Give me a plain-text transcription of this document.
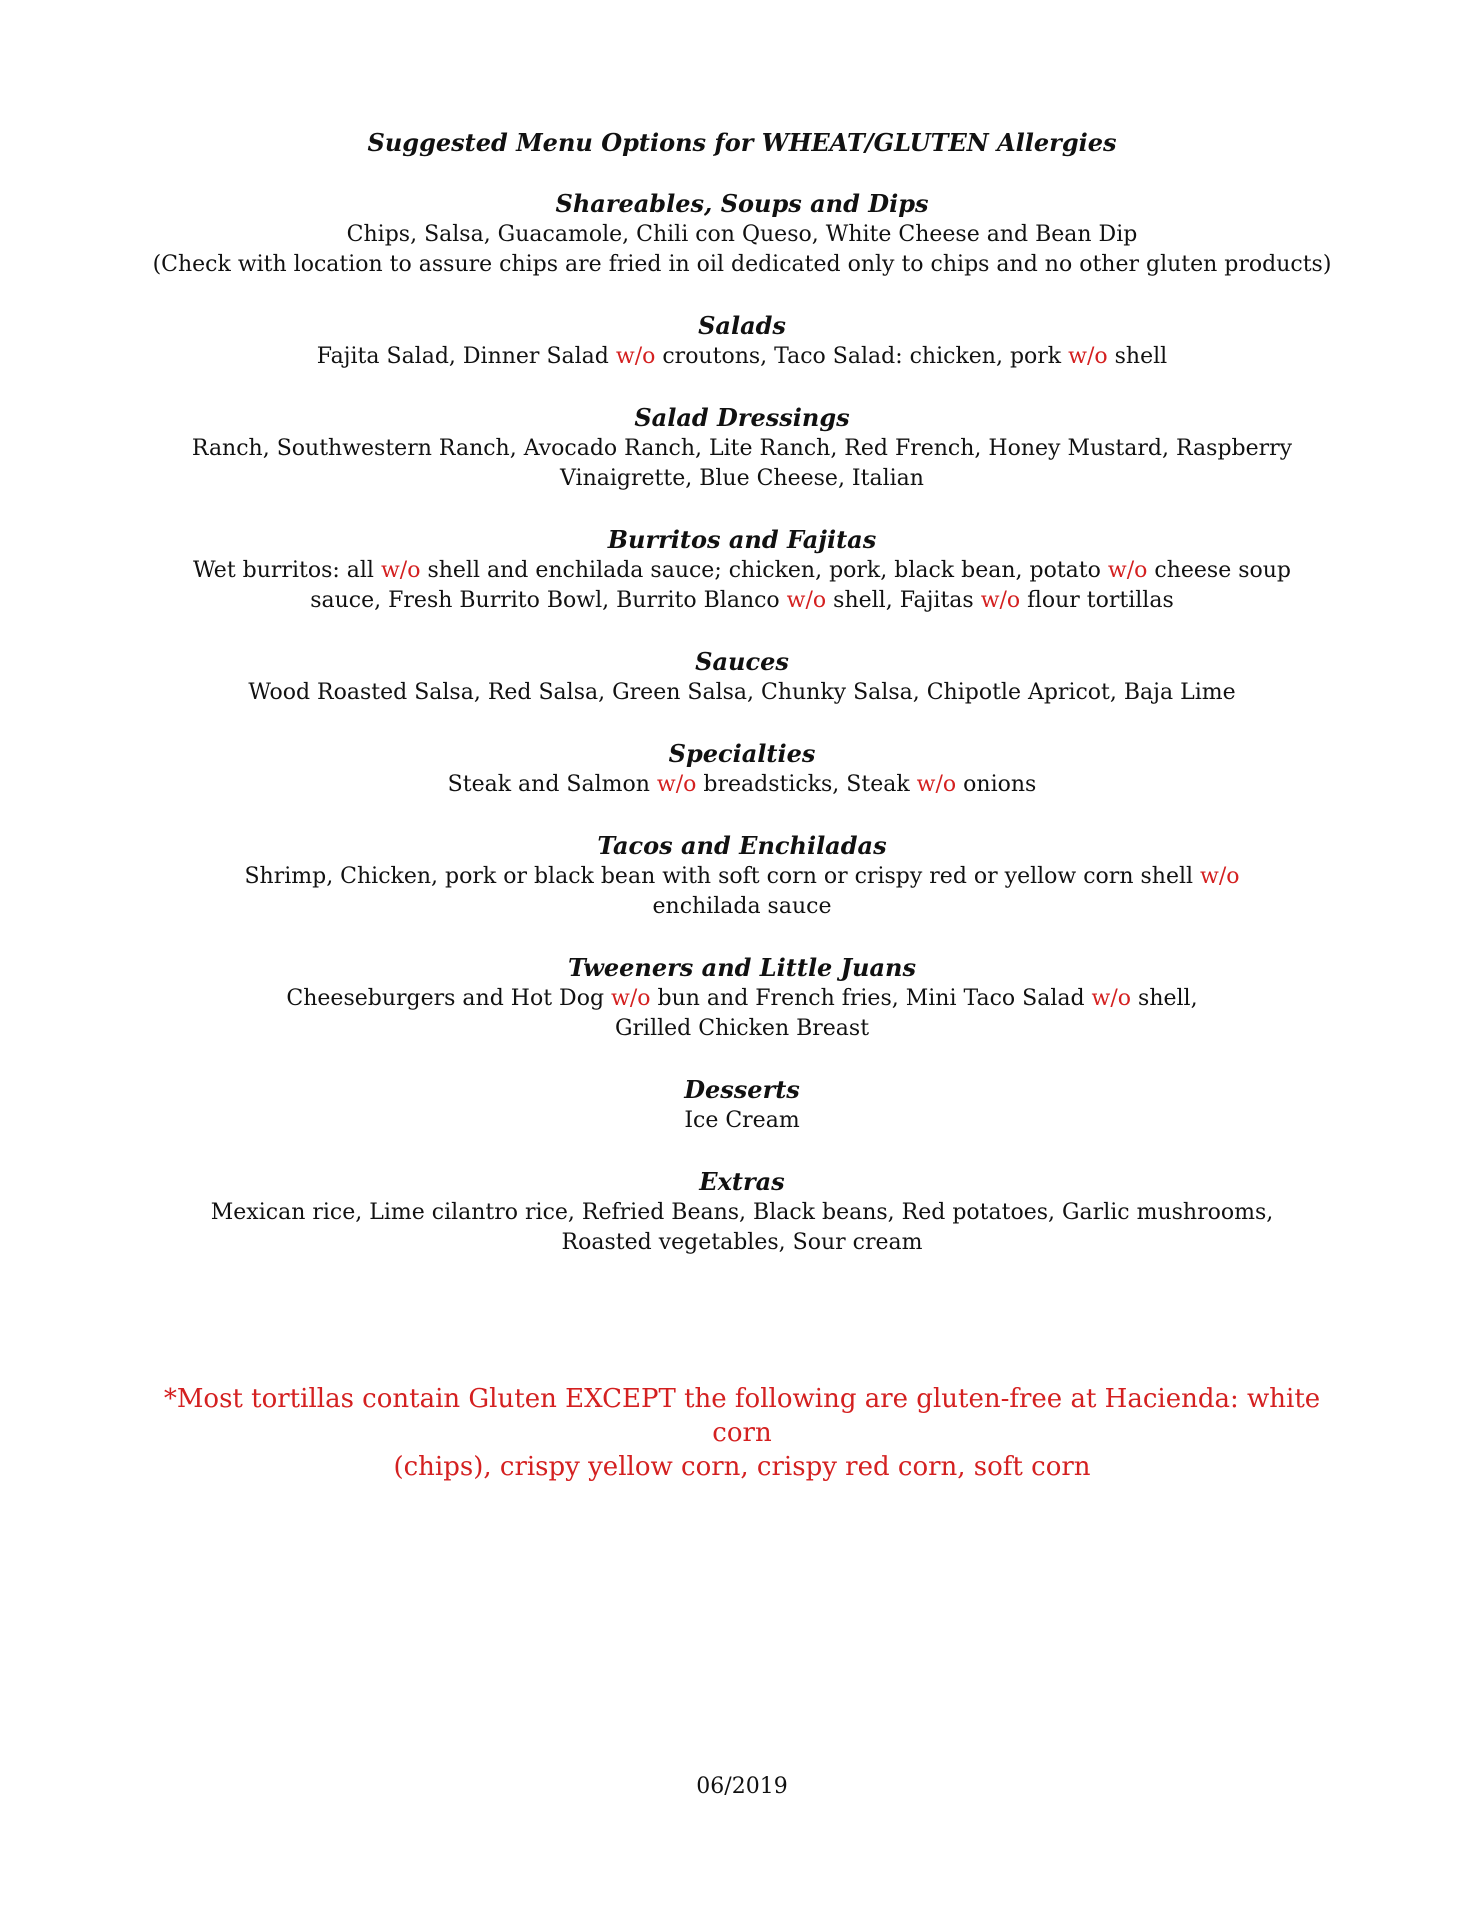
Suggested Menu Options for WHEAT/GLUTEN Allergies

Shareables, Soups and Dips

Chips, Salsa, Guacamole, Chili con Queso, White Cheese and Bean Dip

(Check with location to assure chips are fried in oil dedicated only to chips and no other gluten products)

Salads

Fajita Salad, Dinner Salad w/o croutons, Taco Salad: chicken, pork w/o shell

Salad Dressings

Ranch, Southwestern Ranch, Avocado Ranch, Lite Ranch, Red French, Honey Mustard, Raspberry

Vinaigrette, Blue Cheese, Italian

Burritos and Fajitas

Wet burritos: all w/o shell and enchilada sauce; chicken, pork, black bean, potato w/o cheese soup

sauce, Fresh Burrito Bowl, Burrito Blanco w/o shell, Fajitas w/o flour tortillas

Sauces

Wood Roasted Salsa, Red Salsa, Green Salsa, Chunky Salsa, Chipotle Apricot, Baja Lime

Specialties

Steak and Salmon w/o breadsticks, Steak w/o onions

Tacos and Enchiladas

Shrimp, Chicken, pork or black bean with soft corn or crispy red or yellow corn shell w/o

enchilada sauce

Tweeners and Little Juans

Cheeseburgers and Hot Dog w/o bun and French fries, Mini Taco Salad w/o shell,

Grilled Chicken Breast

Desserts

Ice Cream

Extras

Mexican rice, Lime cilantro rice, Refried Beans, Black beans, Red potatoes, Garlic mushrooms,

Roasted vegetables, Sour cream

*Most tortillas contain Gluten EXCEPT the following are gluten-free at Hacienda: white corn

(chips), crispy yellow corn, crispy red corn, soft corn

06/2019
